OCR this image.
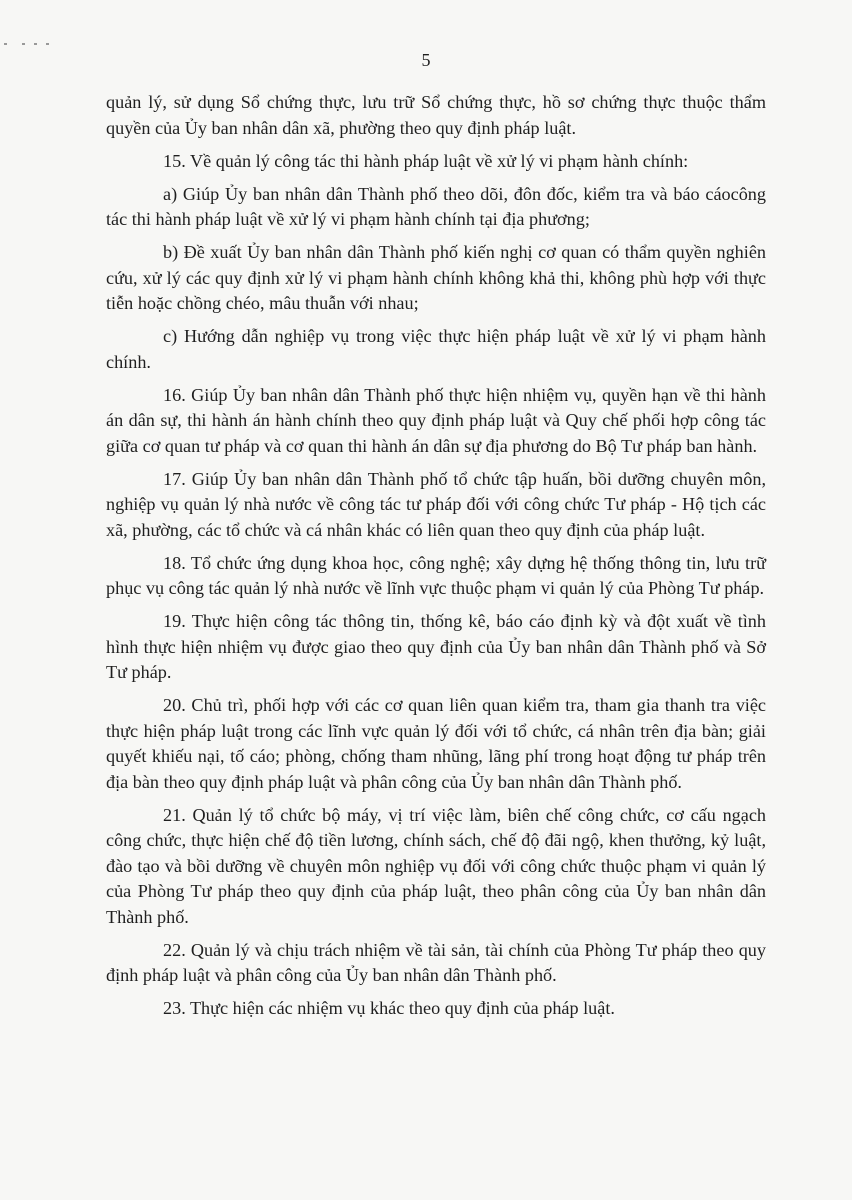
5

quản lý, sử dụng Sổ chứng thực, lưu trữ Sổ chứng thực, hồ sơ chứng thực thuộc thẩm quyền của Ủy ban nhân dân xã, phường theo quy định pháp luật.

15. Về quản lý công tác thi hành pháp luật về xử lý vi phạm hành chính:

a) Giúp Ủy ban nhân dân Thành phố theo dõi, đôn đốc, kiểm tra và báo cáocông tác thi hành pháp luật về xử lý vi phạm hành chính tại địa phương;

b) Đề xuất Ủy ban nhân dân Thành phố kiến nghị cơ quan có thẩm quyền nghiên cứu, xử lý các quy định xử lý vi phạm hành chính không khả thi, không phù hợp với thực tiễn hoặc chồng chéo, mâu thuẫn với nhau;

c) Hướng dẫn nghiệp vụ trong việc thực hiện pháp luật về xử lý vi phạm hành chính.

16. Giúp Ủy ban nhân dân Thành phố thực hiện nhiệm vụ, quyền hạn về thi hành án dân sự, thi hành án hành chính theo quy định pháp luật và Quy chế phối hợp công tác giữa cơ quan tư pháp và cơ quan thi hành án dân sự địa phương do Bộ Tư pháp ban hành.

17. Giúp Ủy ban nhân dân Thành phố tổ chức tập huấn, bồi dưỡng chuyên môn, nghiệp vụ quản lý nhà nước về công tác tư pháp đối với công chức Tư pháp - Hộ tịch các xã, phường, các tổ chức và cá nhân khác có liên quan theo quy định của pháp luật.

18. Tổ chức ứng dụng khoa học, công nghệ; xây dựng hệ thống thông tin, lưu trữ phục vụ công tác quản lý nhà nước về lĩnh vực thuộc phạm vi quản lý của Phòng Tư pháp.

19. Thực hiện công tác thông tin, thống kê, báo cáo định kỳ và đột xuất về tình hình thực hiện nhiệm vụ được giao theo quy định của Ủy ban nhân dân Thành phố và Sở Tư pháp.

20. Chủ trì, phối hợp với các cơ quan liên quan kiểm tra, tham gia thanh tra việc thực hiện pháp luật trong các lĩnh vực quản lý đối với tổ chức, cá nhân trên địa bàn; giải quyết khiếu nại, tố cáo; phòng, chống tham nhũng, lãng phí trong hoạt động tư pháp trên địa bàn theo quy định pháp luật và phân công của Ủy ban nhân dân Thành phố.

21. Quản lý tổ chức bộ máy, vị trí việc làm, biên chế công chức, cơ cấu ngạch công chức, thực hiện chế độ tiền lương, chính sách, chế độ đãi ngộ, khen thưởng, kỷ luật, đào tạo và bồi dưỡng về chuyên môn nghiệp vụ đối với công chức thuộc phạm vi quản lý của Phòng Tư pháp theo quy định của pháp luật, theo phân công của Ủy ban nhân dân Thành phố.

22. Quản lý và chịu trách nhiệm về tài sản, tài chính của Phòng Tư pháp theo quy định pháp luật và phân công của Ủy ban nhân dân Thành phố.

23. Thực hiện các nhiệm vụ khác theo quy định của pháp luật.
